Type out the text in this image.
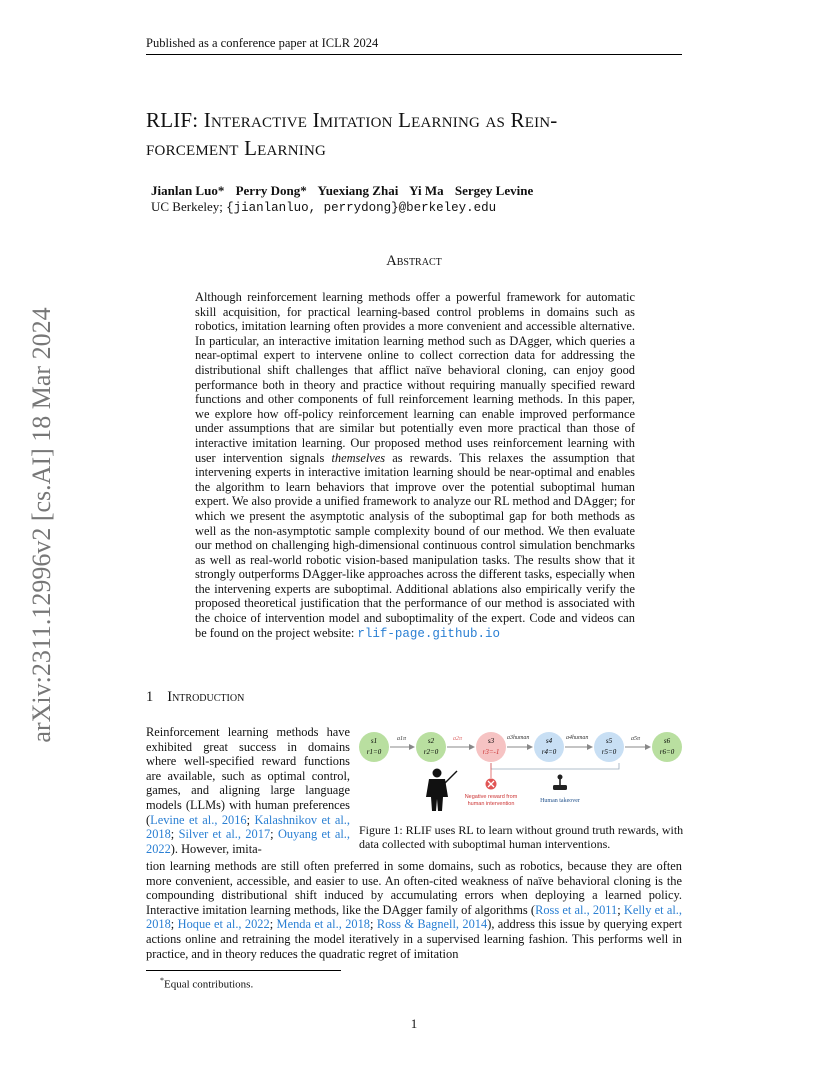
Published as a conference paper at ICLR 2024
RLIF: Interactive Imitation Learning as Rein-
forcement Learning
Jianlan Luo* Perry Dong* Yuexiang Zhai Yi Ma Sergey Levine
UC Berkeley; {jianlanluo, perrydong}@berkeley.edu
arXiv:2311.12996v2 [cs.AI] 18 Mar 2024
Abstract
Although reinforcement learning methods offer a powerful framework for automatic skill acquisition, for practical learning-based control problems in domains such as robotics, imitation learning often provides a more convenient and accessible alternative. In particular, an interactive imitation learning method such as DAgger, which queries a near-optimal expert to intervene online to collect correction data for addressing the distributional shift challenges that afflict naïve behavioral cloning, can enjoy good performance both in theory and practice without requiring manually specified reward functions and other components of full reinforcement learning methods. In this paper, we explore how off-policy reinforcement learning can enable improved performance under assumptions that are similar but potentially even more practical than those of interactive imitation learning. Our proposed method uses reinforcement learning with user intervention signals themselves as rewards. This relaxes the assumption that intervening experts in interactive imitation learning should be near-optimal and enables the algorithm to learn behaviors that improve over the potential suboptimal human expert. We also provide a unified framework to analyze our RL method and DAgger; for which we present the asymptotic analysis of the suboptimal gap for both methods as well as the non-asymptotic sample complexity bound of our method. We then evaluate our method on challenging high-dimensional continuous control simulation benchmarks as well as real-world robotic vision-based manipulation tasks. The results show that it strongly outperforms DAgger-like approaches across the different tasks, especially when the intervening experts are suboptimal. Additional ablations also empirically verify the proposed theoretical justification that the performance of our method is associated with the choice of intervention model and suboptimality of the expert. Code and videos can be found on the project website: rlif-page.github.io
1 Introduction
Reinforcement learning methods have exhibited great success in domains where well-specified reward functions are available, such as optimal control, games, and aligning large language models (LLMs) with human preferences (Levine et al., 2016; Kalashnikov et al., 2018; Silver et al., 2017; Ouyang et al., 2022). However, imita-
tion learning methods are still often preferred in some domains, such as robotics, because they are often more convenient, accessible, and easier to use. An often-cited weakness of naïve behavioral cloning is the compounding distributional shift induced by accumulating errors when deploying a learned policy. Interactive imitation learning methods, like the DAgger family of algorithms (Ross et al., 2011; Kelly et al., 2018; Hoque et al., 2022; Menda et al., 2018; Ross & Bagnell, 2014), address this issue by querying expert actions online and retraining the model iteratively in a supervised learning fashion. This performs well in practice, and in theory reduces the quadratic regret of imitation
s1
r1=0
s2
r2=0
s3
r3=-1
s4
r4=0
s5
r5=0
s6
r6=0
a1π	a2π	a3human	a4human	a5π
Negative reward from
human intervention	Human takeover
Figure 1: RLIF uses RL to learn without ground truth rewards, with data collected with suboptimal human interventions.
*Equal contributions.
1
